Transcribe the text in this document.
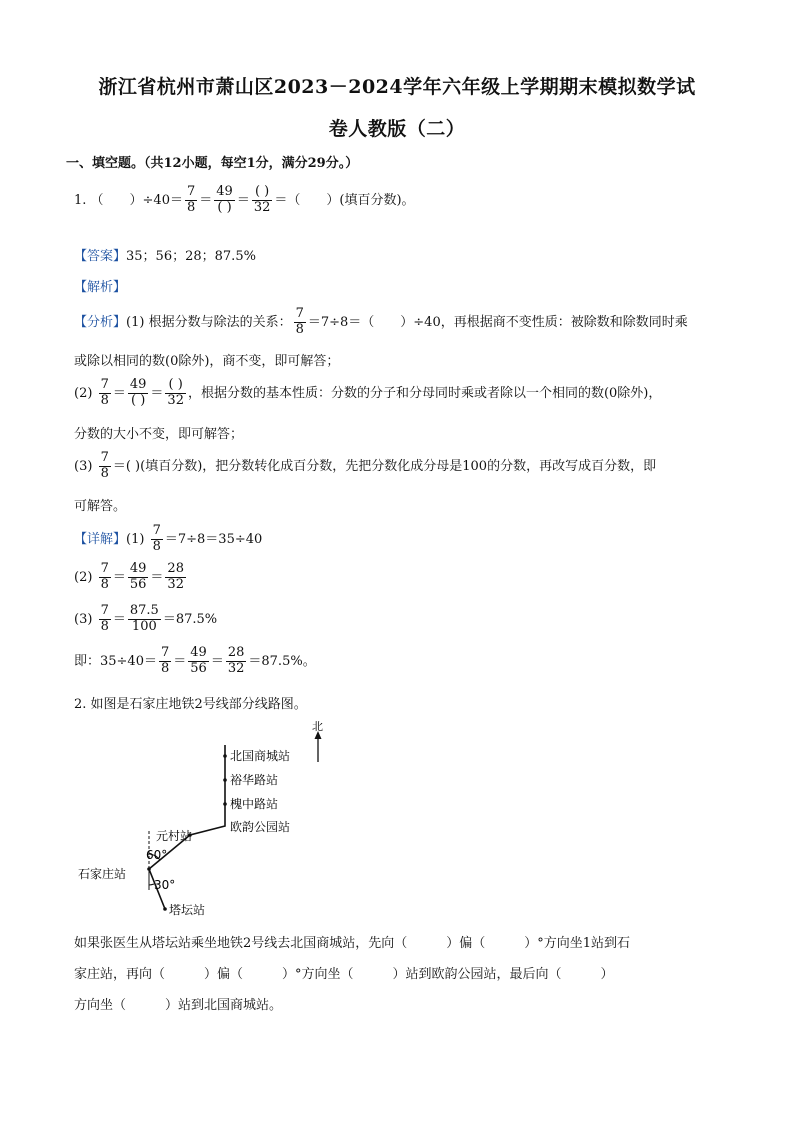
浙江省杭州市萧山区2023－2024学年六年级上学期期末模拟数学试
卷人教版（二）
一、填空题。（共12小题，每空1分，满分29分。）
1. （　　）$\div 40= \frac{7}{8} = \frac{49}{( )} = \frac{( )}{32}$ ＝（　　）(填百分数)。
【答案】35；56；28；87.5%
【解析】
【分析】(1) 根据分数与除法的关系： $\frac{7}{8} =7\div 8=$（　　）÷40，再根据商不变性质：被除数和除数同时乘
或除以相同的数(0除外)，商不变，即可解答；
$(2) \frac{7}{8} = \frac{49}{( )} = \frac{( )}{32}$ ，根据分数的基本性质：分数的分子和分母同时乘或者除以一个相同的数(0除外)，
分数的大小不变，即可解答；
$(3) \frac{7}{8}$ ＝( )(填百分数)，把分数转化成百分数，先把分数化成分母是100的分数，再改写成百分数，即
可解答。
【详解】$(1) \frac{7}{8} =7\div 8=35\div 40$
$(2) \frac{7}{8} = \frac{49}{56} = \frac{28}{32}$
$(3) \frac{7}{8} = \frac{87.5}{100} =87.5\%$
即：$35\div 40= \frac{7}{8} = \frac{49}{56} = \frac{28}{32} =87.5\%$。
2. 如图是石家庄地铁2号线部分线路图。
北
北国商城站
裕华路站
槐中路站
欧韵公园站
元村站
石家庄站
塔坛站
60°
30°
如果张医生从塔坛站乘坐地铁2号线去北国商城站，先向（　　　）偏（　　　）°方向坐1站到石
家庄站，再向（　　　）偏（　　　）°方向坐（　　　）站到欧韵公园站，最后向（　　　）
方向坐（　　　）站到北国商城站。
